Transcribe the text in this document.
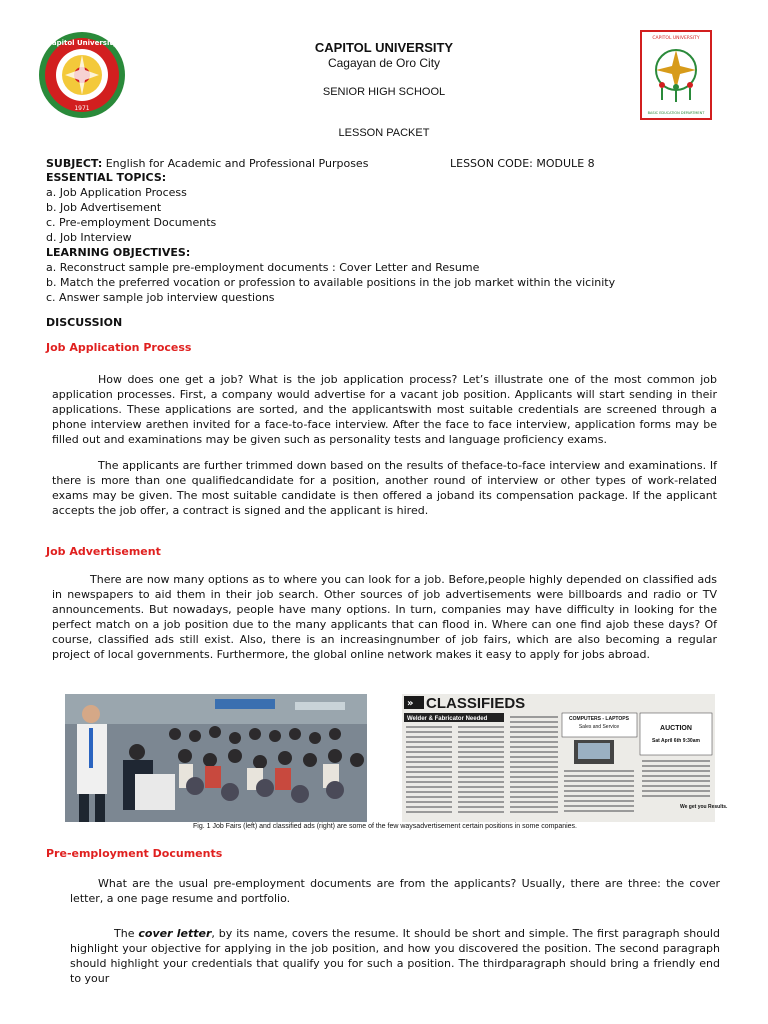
Capitol University
1971
CAPITOL UNIVERSITY
BASIC EDUCATION DEPARTMENT
CAPITOL UNIVERSITY
Cagayan de Oro City
SENIOR HIGH SCHOOL
LESSON PACKET
SUBJECT: English for Academic and Professional Purposes	LESSON CODE: MODULE 8
ESSENTIAL TOPICS:
a. Job Application Process
b. Job Advertisement
c. Pre-employment Documents
d. Job Interview
LEARNING OBJECTIVES:
a. Reconstruct sample pre-employment documents : Cover Letter and Resume
b. Match the preferred vocation or profession to available positions in the job market within the vicinity
c. Answer sample job interview questions
DISCUSSION
Job Application Process

How does one get a job? What is the job application process? Let’s illustrate one of the most common job application processes. First, a company would advertise for a vacant job position. Applicants will start sending in their applications. These applications are sorted, and the applicantswith most suitable credentials are screened through a phone interview arethen invited for a face-to-face interview. After the face to face interview, application forms may be filled out and examinations may be given such as personality tests and language proficiency exams.

The applicants are further trimmed down based on the results of theface-to-face interview and examinations. If there is more than one qualifiedcandidate for a position, another round of interview or other types of work-related exams may be given. The most suitable candidate is then offered a joband its compensation package. If the applicant accepts the job offer, a contract is signed and the applicant is hired.

Job Advertisement

There are now many options as to where you can look for a job. Before,people highly depended on classified ads in newspapers to aid them in their job search. Other sources of job advertisements were billboards and radio or TV announcements. But nowadays, people have many options. In turn, companies may have difficulty in looking for the perfect match on a job position due to the many applicants that can flood in. Where can one find ajob these days? Of course, classified ads still exist. Also, there is an increasingnumber of job fairs, which are also becoming a regular project of local governments. Furthermore, the global online network makes it easy to apply for jobs abroad.

» CLASSIFIEDS
Welder & Fabricator Needed	COMPUTERS - LAPTOPS
Sales and Service	AUCTION
Sat April 6th 9:30am
We get you Results.
Fig. 1 Job Fairs (left) and classified ads (right) are some of the few waysadvertisement certain positions in some companies.
Pre-employment Documents

What are the usual pre-employment documents are from the applicants? Usually, there are three: the cover letter, a one page resume and portfolio.

The cover letter, by its name, covers the resume. It should be short and simple. The first paragraph should highlight your objective for applying in the job position, and how you discovered the position. The second paragraph should highlight your credentials that qualify you for such a position. The thirdparagraph should bring a friendly end to your
